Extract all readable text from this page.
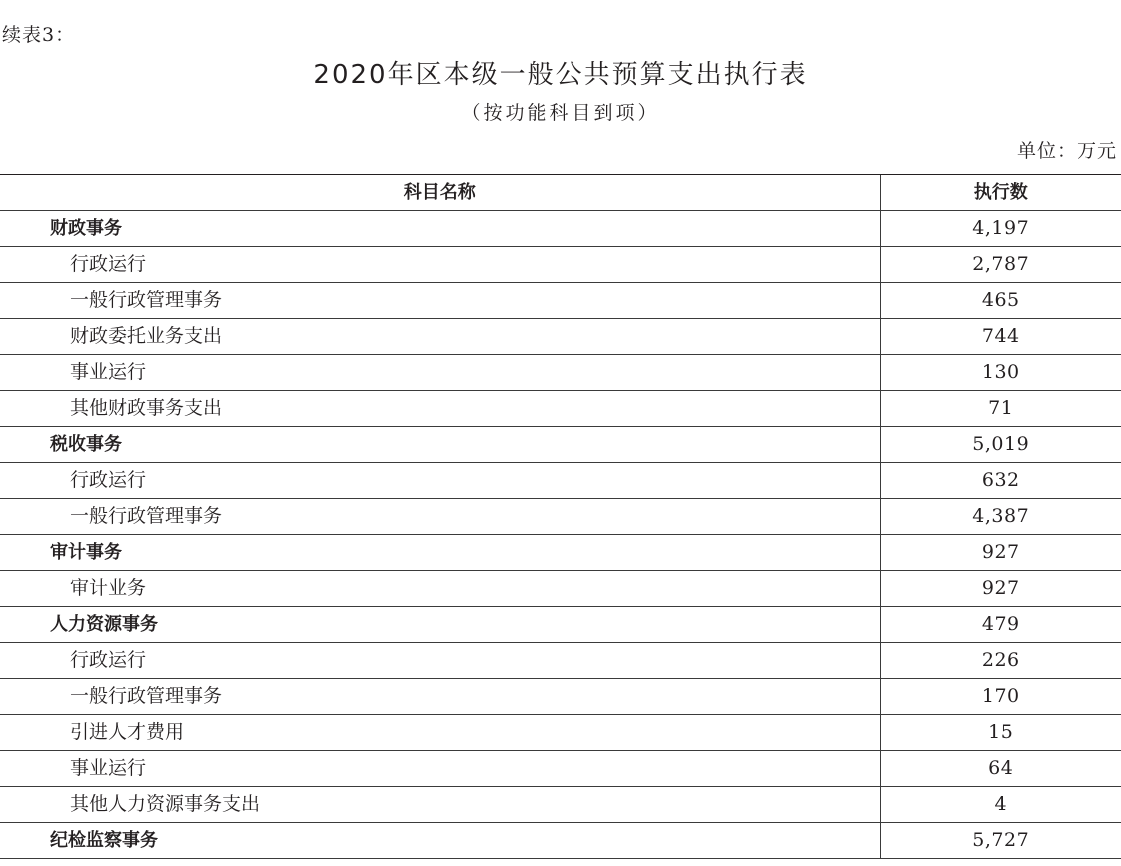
续表3：
2020年区本级一般公共预算支出执行表
（按功能科目到项）
单位：万元
科目名称	执行数
财政事务	4,197
行政运行	2,787
一般行政管理事务	465
财政委托业务支出	744
事业运行	130
其他财政事务支出	71
税收事务	5,019
行政运行	632
一般行政管理事务	4,387
审计事务	927
审计业务	927
人力资源事务	479
行政运行	226
一般行政管理事务	170
引进人才费用	15
事业运行	64
其他人力资源事务支出	4
纪检监察事务	5,727
